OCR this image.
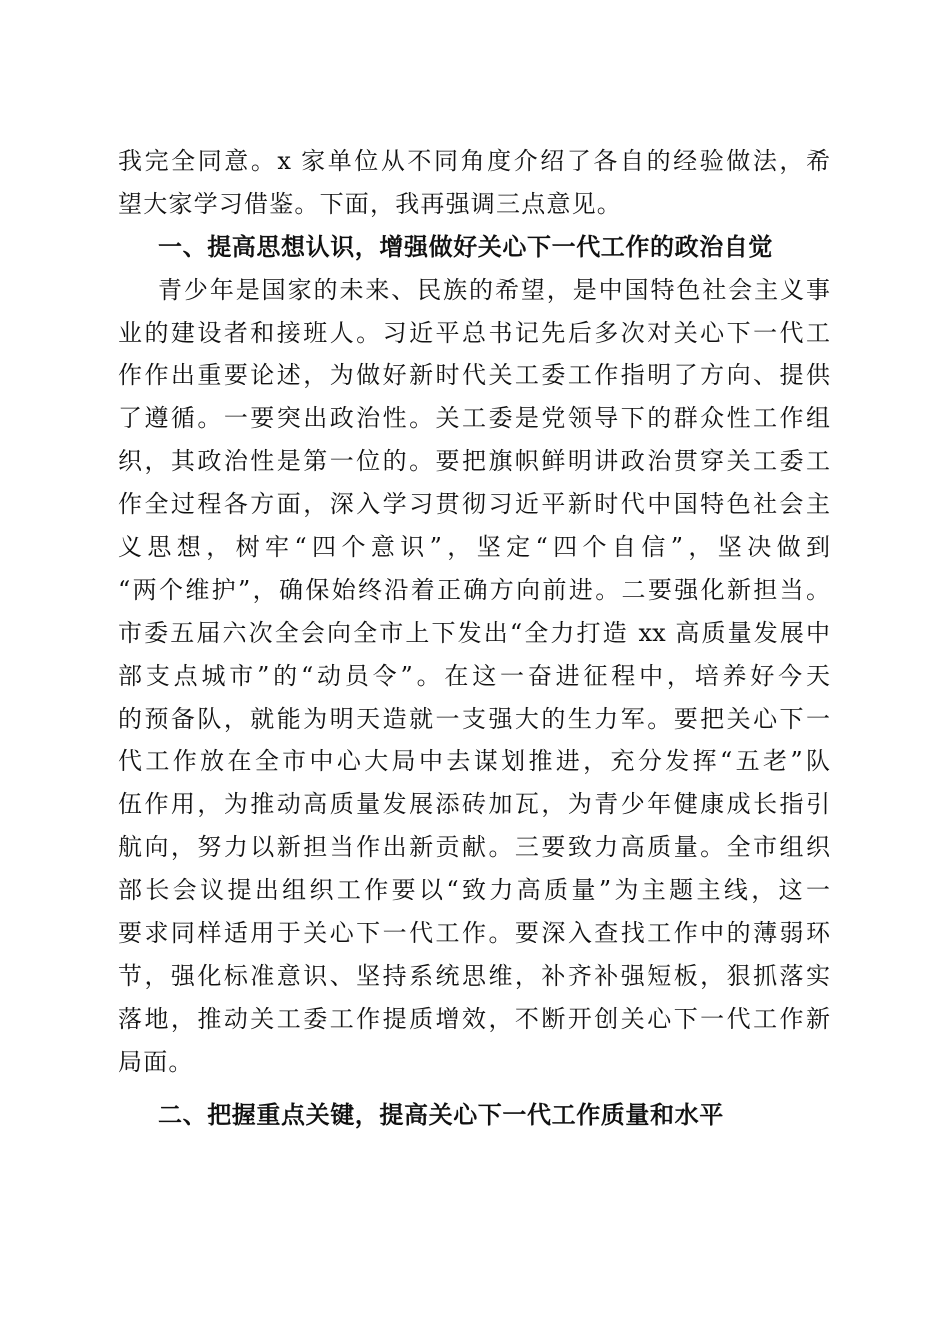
我完全同意。x 家单位从不同角度介绍了各自的经验做法，希
望大家学习借鉴。下面，我再强调三点意见。
一、提高思想认识，增强做好关心下一代工作的政治自觉
青少年是国家的未来、民族的希望，是中国特色社会主义事
业的建设者和接班人。习近平总书记先后多次对关心下一代工
作作出重要论述，为做好新时代关工委工作指明了方向、提供
了遵循。一要突出政治性。关工委是党领导下的群众性工作组
织，其政治性是第一位的。要把旗帜鲜明讲政治贯穿关工委工
作全过程各方面，深入学习贯彻习近平新时代中国特色社会主
义思想，树牢“四个意识”，坚定“四个自信”，坚决做到
“两个维护”，确保始终沿着正确方向前进。二要强化新担当。
市委五届六次全会向全市上下发出“全力打造 xx 高质量发展中
部支点城市”的“动员令”。在这一奋进征程中，培养好今天
的预备队，就能为明天造就一支强大的生力军。要把关心下一
代工作放在全市中心大局中去谋划推进，充分发挥“五老”队
伍作用，为推动高质量发展添砖加瓦，为青少年健康成长指引
航向，努力以新担当作出新贡献。三要致力高质量。全市组织
部长会议提出组织工作要以“致力高质量”为主题主线，这一
要求同样适用于关心下一代工作。要深入查找工作中的薄弱环
节，强化标准意识、坚持系统思维，补齐补强短板，狠抓落实
落地，推动关工委工作提质增效，不断开创关心下一代工作新
局面。
二、把握重点关键，提高关心下一代工作质量和水平
